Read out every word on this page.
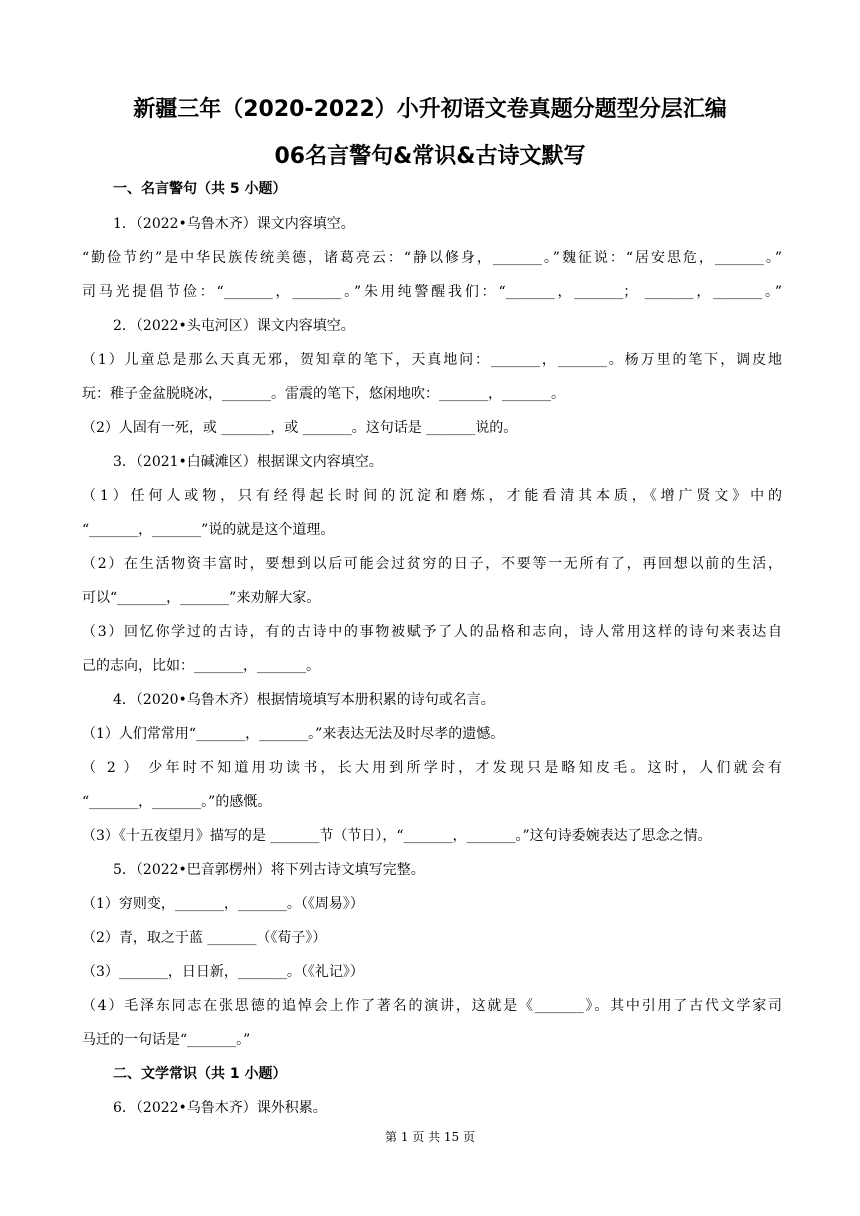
新疆三年（2020-2022）小升初语文卷真题分题型分层汇编
06名言警句&常识&古诗文默写
一、名言警句（共 5 小题）
1．（2022•乌鲁木齐）课文内容填空。
“勤俭节约”是中华民族传统美德，诸葛亮云：“静以修身，_______。”魏征说：“居安思危，_______。”
司马光提倡节俭：“_______，_______。”朱用纯警醒我们：“_______，_______； _______，_______。”
2．（2022•头屯河区）课文内容填空。
（1）儿童总是那么天真无邪，贺知章的笔下，天真地问：_______，_______。杨万里的笔下，调皮地
玩：稚子金盆脱晓冰，_______。雷震的笔下，悠闲地吹：_______，_______。
（2）人固有一死，或 _______，或 _______。这句话是 _______说的。
3．（2021•白碱滩区）根据课文内容填空。
（1）任何人或物，只有经得起长时间的沉淀和磨炼，才能看清其本质，《增广贤文》中的
“_______，_______”说的就是这个道理。
（2）在生活物资丰富时，要想到以后可能会过贫穷的日子，不要等一无所有了，再回想以前的生活，
可以“_______，_______”来劝解大家。
（3）回忆你学过的古诗，有的古诗中的事物被赋予了人的品格和志向，诗人常用这样的诗句来表达自
己的志向，比如：_______，_______。
4．（2020•乌鲁木齐）根据情境填写本册积累的诗句或名言。
（1）人们常常用“_______，_______。”来表达无法及时尽孝的遗憾。
（ 2 ） 少年时不知道用功读书，长大用到所学时，才发现只是略知皮毛。这时，人们就会有
“_______，_______。”的感慨。
（3）《十五夜望月》描写的是 _______节（节日），“_______，_______。”这句诗委婉表达了思念之情。
5．（2022•巴音郭楞州）将下列古诗文填写完整。
（1）穷则变，_______，_______。（《周易》）
（2）青，取之于蓝 _______（《荀子》）
（3）_______，日日新，_______。（《礼记》）
（4）毛泽东同志在张思德的追悼会上作了著名的演讲，这就是《_______》。其中引用了古代文学家司
马迁的一句话是“_______。”
二、文学常识（共 1 小题）
6．（2022•乌鲁木齐）课外积累。
第 1 页 共 15 页
